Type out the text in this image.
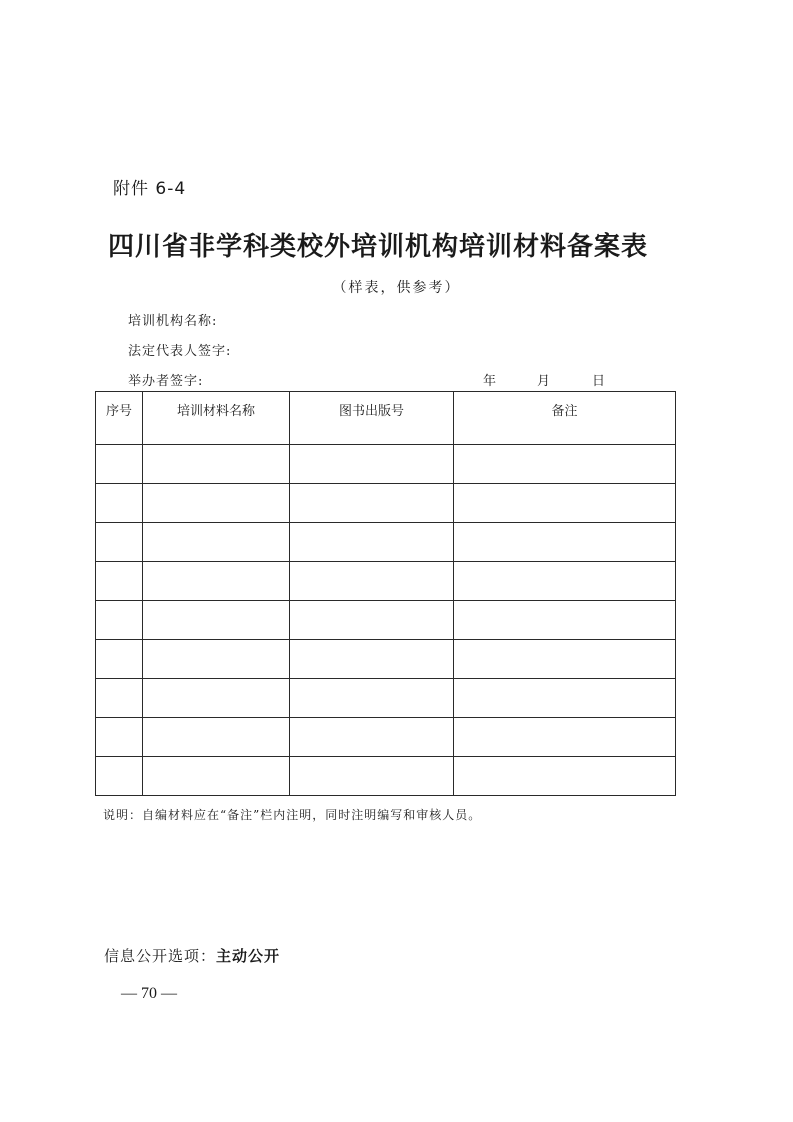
附件 6-4
四川省非学科类校外培训机构培训材料备案表
（样表，供参考）
培训机构名称:
法定代表人签字:
举办者签字:	年	月	日
序号	培训材料名称	图书出版号	备注

说明：自编材料应在“备注”栏内注明，同时注明编写和审核人员。
信息公开选项：主动公开
— 70 —
